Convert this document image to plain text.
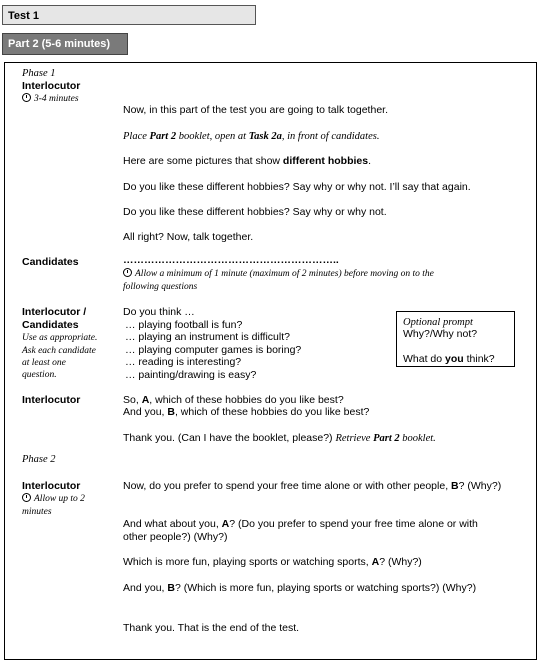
Test 1
Part 2 (5-6 minutes)
Phase 1
Interlocutor
3-4 minutes
Now, in this part of the test you are going to talk together.
Place Part 2 booklet, open at Task 2a, in front of candidates.
Here are some pictures that show different hobbies.
Do you like these different hobbies? Say why or why not. I’ll say that again.
Do you like these different hobbies? Say why or why not.
All right? Now, talk together.
Candidates	……………………………………………………..
Allow a minimum of 1 minute (maximum of 2 minutes) before moving on to the
following questions
Interlocutor /
Candidates
Use as appropriate.
Ask each candidate
at least one
question.
Do you think …
… playing football is fun?
… playing an instrument is difficult?
… playing computer games is boring?
… reading is interesting?
… painting/drawing is easy?
Optional prompt
Why?/Why not?
What do you think?
Interlocutor	So, A, which of these hobbies do you like best?
And you, B, which of these hobbies do you like best?
Thank you. (Can I have the booklet, please?) Retrieve Part 2 booklet.
Phase 2
Interlocutor
Allow up to 2
minutes
Now, do you prefer to spend your free time alone or with other people, B? (Why?)
And what about you, A? (Do you prefer to spend your free time alone or with
other people?) (Why?)
Which is more fun, playing sports or watching sports, A? (Why?)
And you, B? (Which is more fun, playing sports or watching sports?) (Why?)
Thank you. That is the end of the test.
